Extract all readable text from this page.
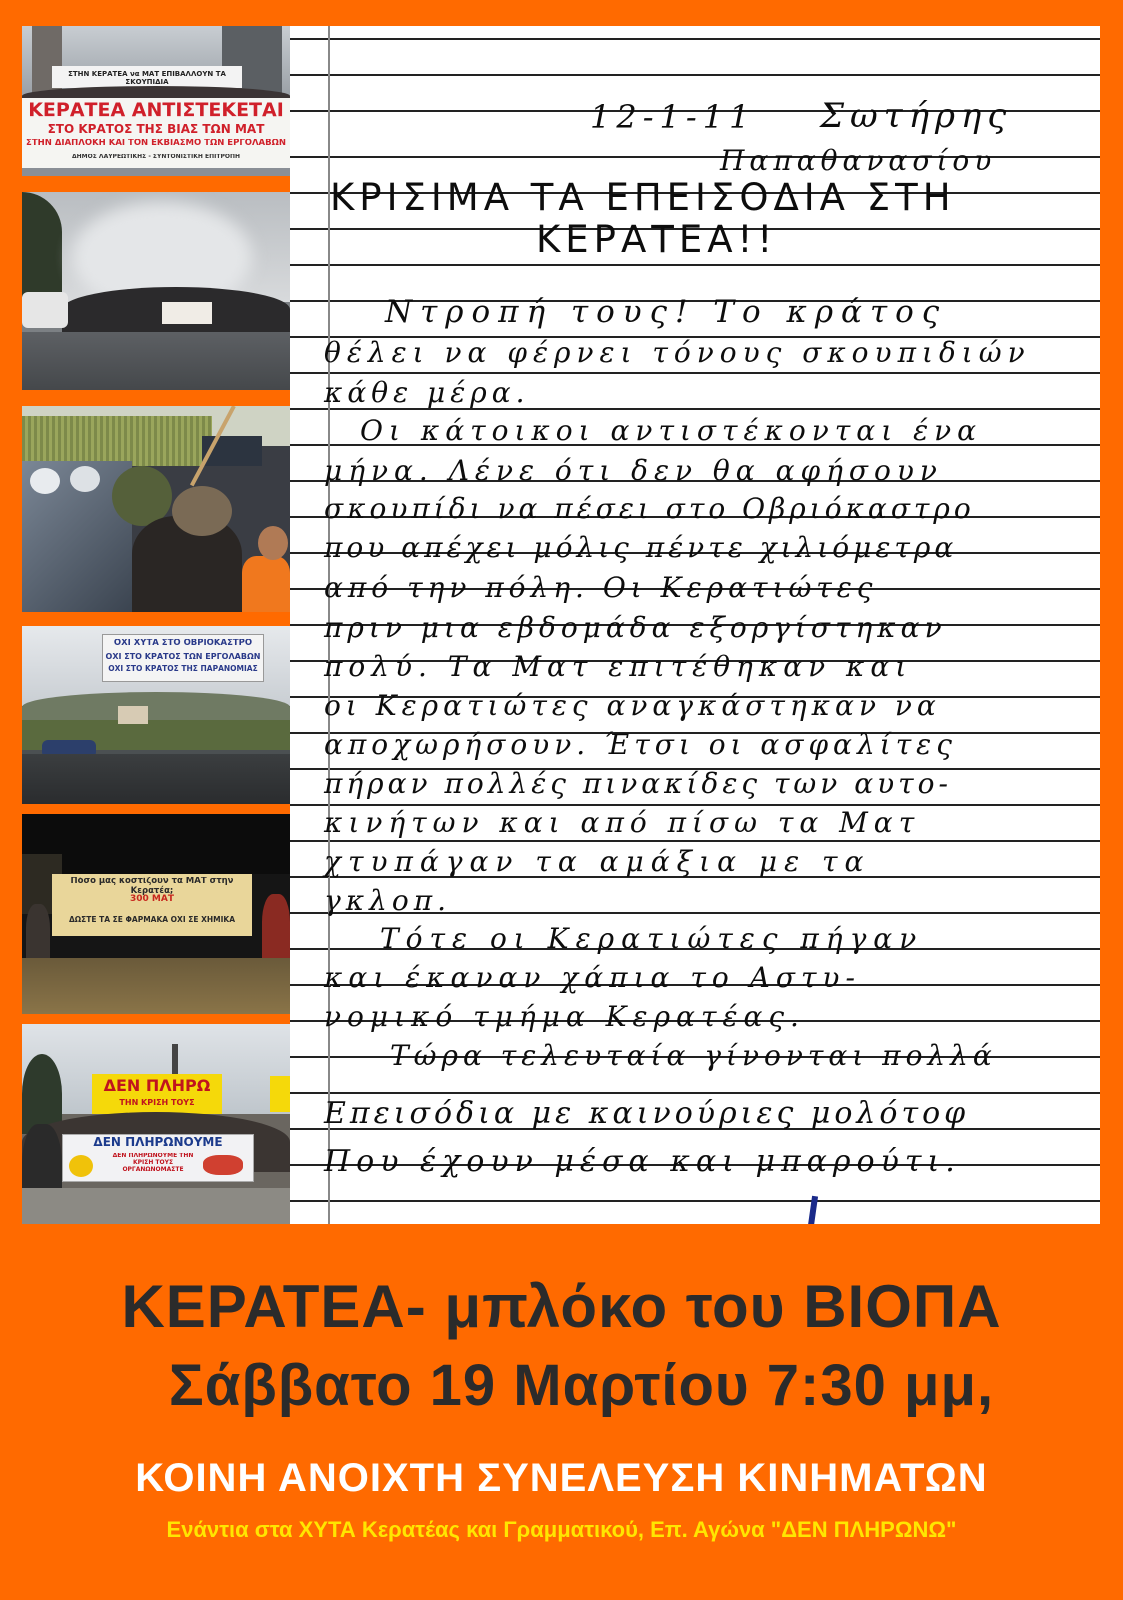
ΣΤΗΝ ΚΕΡΑΤΕΑ να ΜΑΤ ΕΠΙΒΑΛΛΟΥΝ ΤΑ ΣΚΟΥΠΙΔΙΑ
ΚΕΡΑΤΕΑ ΑΝΤΙΣΤΕΚΕΤΑΙ
ΣΤΟ ΚΡΑΤΟΣ ΤΗΣ ΒΙΑΣ ΤΩΝ ΜΑΤ
ΣΤΗΝ ΔΙΑΠΛΟΚΗ ΚΑΙ ΤΟΝ ΕΚΒΙΑΣΜΟ ΤΩΝ ΕΡΓΟΛΑΒΩΝ
ΔΗΜΟΣ ΛΑΥΡΕΩΤΙΚΗΣ - ΣΥΝΤΟΝΙΣΤΙΚΗ ΕΠΙΤΡΟΠΗ
ΟΧΙ ΧΥΤΑ ΣΤΟ ΟΒΡΙΟΚΑΣΤΡΟ
ΟΧΙ ΣΤΟ ΚΡΑΤΟΣ ΤΩΝ ΕΡΓΟΛΑΒΩΝ
ΟΧΙ ΣΤΟ ΚΡΑΤΟΣ ΤΗΣ ΠΑΡΑΝΟΜΙΑΣ
Πόσο μας κοστίζουν τα ΜΑΤ στην Κερατέα;
300 ΜΑΤ
ΔΩΣΤΕ ΤΑ ΣΕ ΦΑΡΜΑΚΑ ΟΧΙ ΣΕ ΧΗΜΙΚΑ
ΔΕΝ ΠΛΗΡΩ
ΤΗΝ ΚΡΙΣΗ ΤΟΥΣ
ΔΕΝ ΠΛΗΡΩΝΟΥΜΕ
ΔΕΝ ΠΛΗΡΩΝΟΥΜΕ ΤΗΝ ΚΡΙΣΗ ΤΟΥΣ ΟΡΓΑΝΩΝΟΜΑΣΤΕ
12-1-11 Σωτήρης
Παπαθανασίου
ΚΡΙΣΙΜΑ ΤΑ ΕΠΕΙΣΟΔΙΑ ΣΤΗ
ΚΕΡΑΤΕΑ!!
Ντροπή τους! Το κράτος
θέλει να φέρνει τόνους σκουπιδιών
κάθε μέρα.
Οι κάτοικοι αντιστέκονται ένα
μήνα. Λένε ότι δεν θα αφήσουν
σκουπίδι να πέσει στο Οβριόκαστρο
που απέχει μόλις πέντε χιλιόμετρα
από την πόλη. Οι Κερατιώτες
πριν μια εβδομάδα εξοργίστηκαν
πολύ. Τα Ματ επιτέθηκαν και
οι Κερατιώτες αναγκάστηκαν να
αποχωρήσουν. Έτσι οι ασφαλίτες
πήραν πολλές πινακίδες των αυτο-
κινήτων και από πίσω τα Ματ
χτυπάγαν τα αμάξια με τα
γκλοπ.
Τότε οι Κερατιώτες πήγαν
και έκαναν χάπια το Αστυ-
νομικό τμήμα Κερατέας.
Τώρα τελευταία γίνονται πολλά
Επεισόδια με καινούριες μολότοφ
Που έχουν μέσα και μπαρούτι.
ΚΕΡΑΤΕΑ- μπλόκο του ΒΙΟΠΑ
Σάββατο 19 Μαρτίου 7:30 μμ,
ΚΟΙΝΗ ΑΝΟΙΧΤΗ ΣΥΝΕΛΕΥΣΗ ΚΙΝΗΜΑΤΩΝ
Ενάντια στα ΧΥΤΑ Κερατέας και Γραμματικού, Επ. Αγώνα "ΔΕΝ ΠΛΗΡΩΝΩ"
